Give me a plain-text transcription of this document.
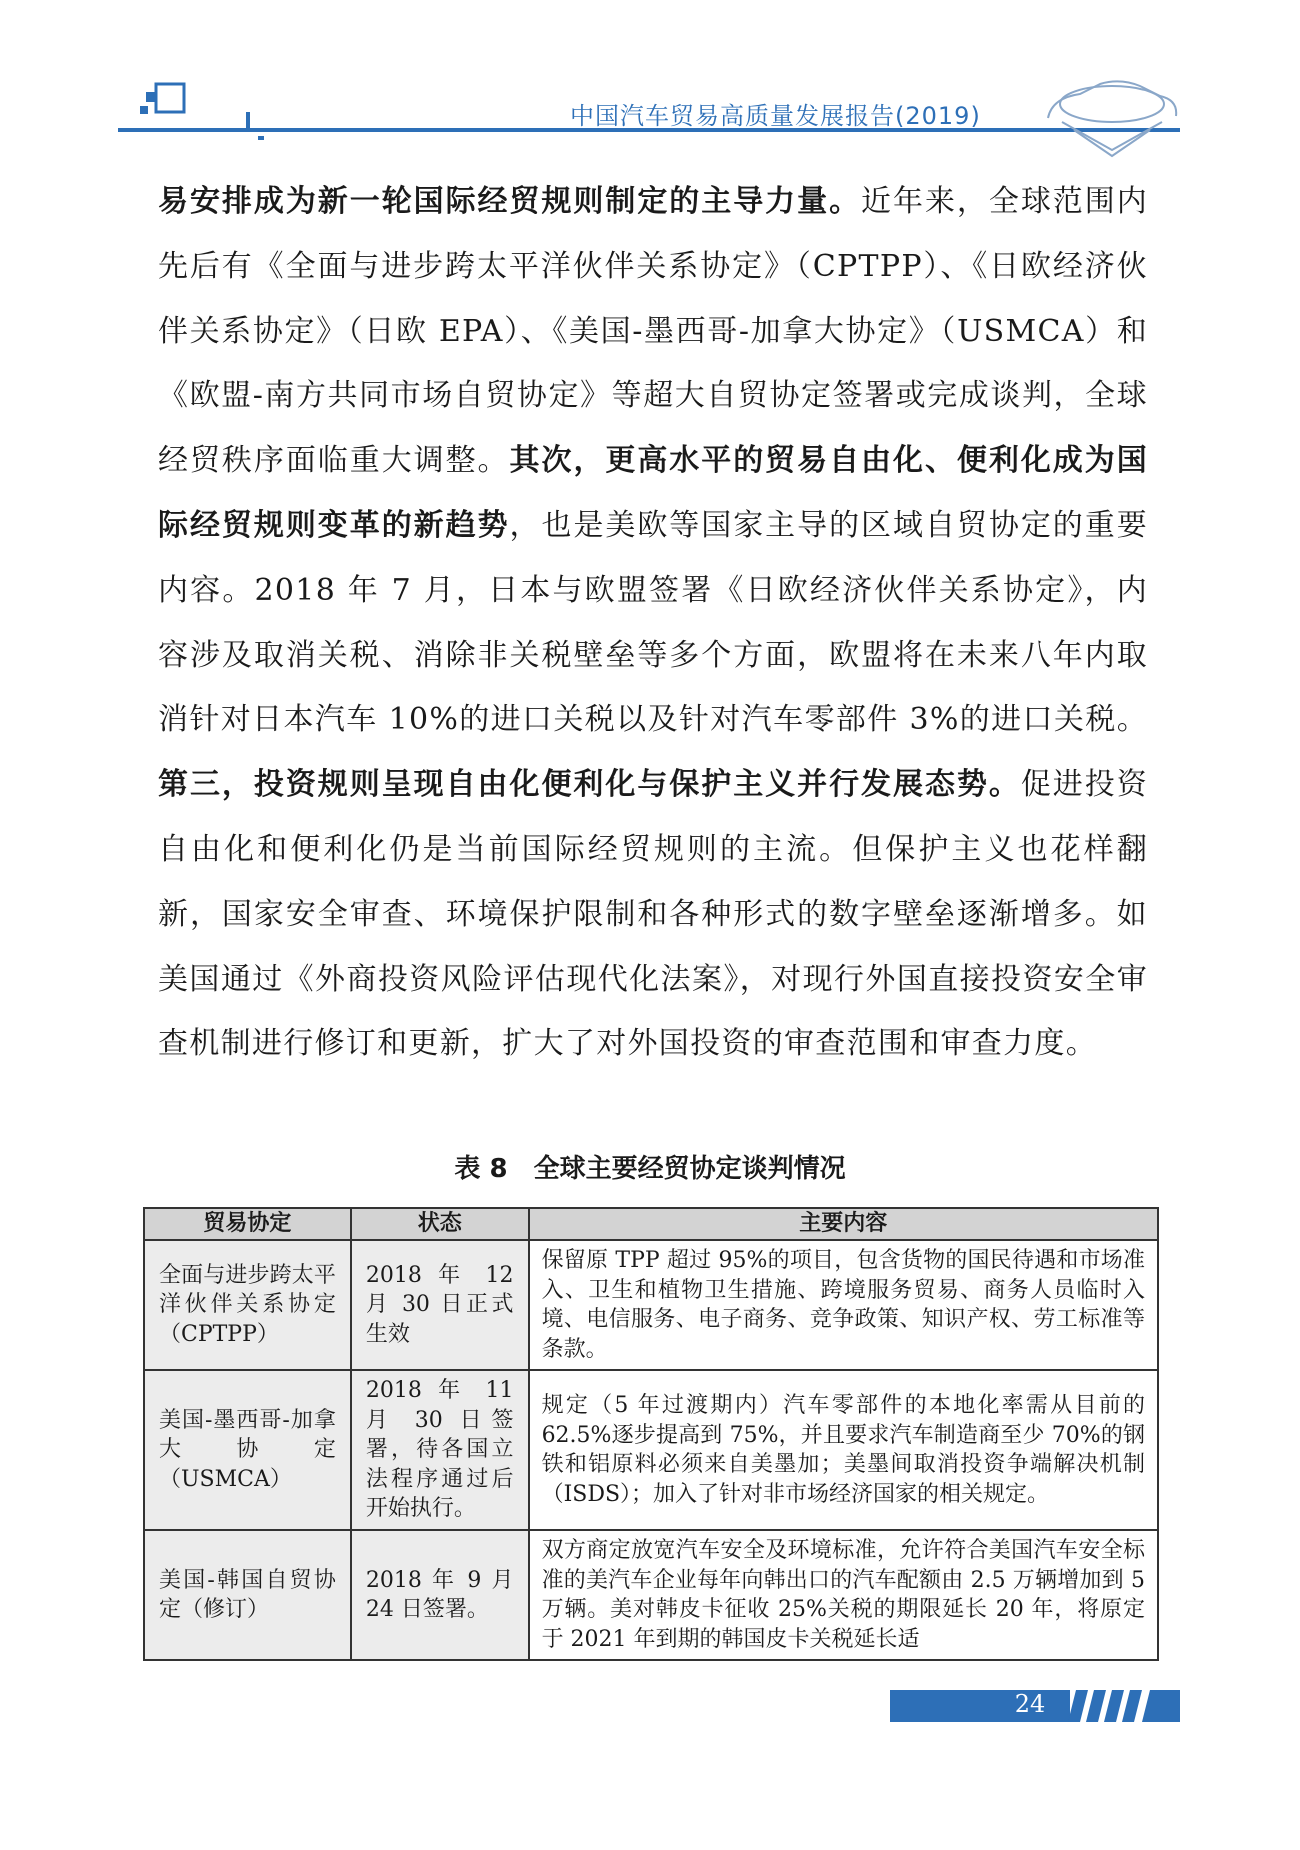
中国汽车贸易高质量发展报告(2019)
易安排成为新一轮国际经贸规则制定的主导力量。近年来，全球范围内先后有《全面与进步跨太平洋伙伴关系协定》（CPTPP）、《日欧经济伙伴关系协定》（日欧 EPA）、《美国-墨西哥-加拿大协定》（USMCA）和《欧盟-南方共同市场自贸协定》等超大自贸协定签署或完成谈判，全球经贸秩序面临重大调整。其次，更高水平的贸易自由化、便利化成为国际经贸规则变革的新趋势，也是美欧等国家主导的区域自贸协定的重要内容。2018 年 7 月，日本与欧盟签署《日欧经济伙伴关系协定》，内容涉及取消关税、消除非关税壁垒等多个方面，欧盟将在未来八年内取消针对日本汽车 10%的进口关税以及针对汽车零部件 3%的进口关税。第三，投资规则呈现自由化便利化与保护主义并行发展态势。促进投资自由化和便利化仍是当前国际经贸规则的主流。但保护主义也花样翻新，国家安全审查、环境保护限制和各种形式的数字壁垒逐渐增多。如美国通过《外商投资风险评估现代化法案》，对现行外国直接投资安全审查机制进行修订和更新，扩大了对外国投资的审查范围和审查力度。
表 8　全球主要经贸协定谈判情况
贸易协定	状态	主要内容
全面与进步跨太平洋伙伴关系协定（CPTPP）	2018 年 12 月 30 日正式生效	保留原 TPP 超过 95%的项目，包含货物的国民待遇和市场准入、卫生和植物卫生措施、跨境服务贸易、商务人员临时入境、电信服务、电子商务、竞争政策、知识产权、劳工标准等条款。
美国-墨西哥-加拿大协定（USMCA）	2018 年 11 月 30 日签署，待各国立法程序通过后开始执行。	规定（5 年过渡期内）汽车零部件的本地化率需从目前的 62.5%逐步提高到 75%，并且要求汽车制造商至少 70%的钢铁和铝原料必须来自美墨加；美墨间取消投资争端解决机制（ISDS）；加入了针对非市场经济国家的相关规定。
美国-韩国自贸协定（修订）	2018 年 9 月 24 日签署。	双方商定放宽汽车安全及环境标准，允许符合美国汽车安全标准的美汽车企业每年向韩出口的汽车配额由 2.5 万辆增加到 5 万辆。美对韩皮卡征收 25%关税的期限延长 20 年，将原定于 2021 年到期的韩国皮卡关税延长适
24
